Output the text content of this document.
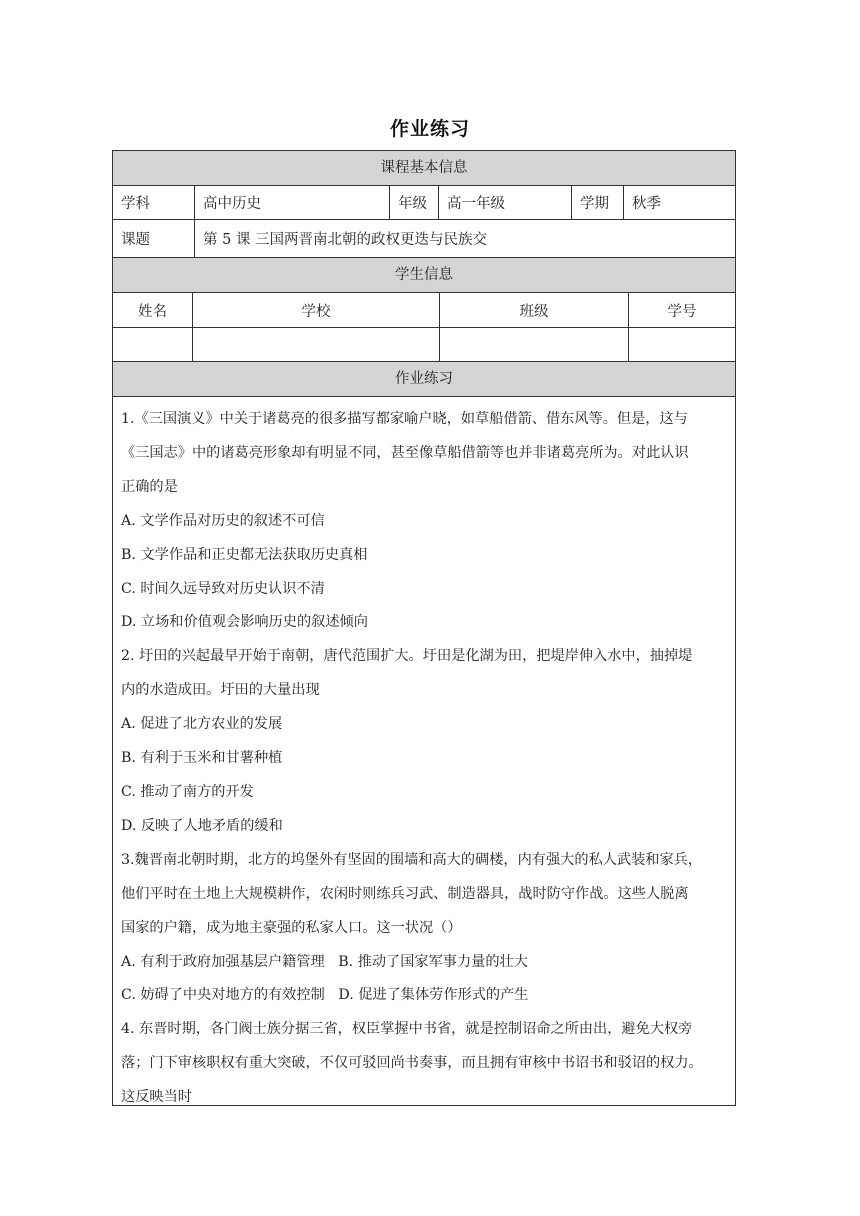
作业练习
课程基本信息
学科	高中历史	年级	高一年级	学期	秋季
课题	第 5 课 三国两晋南北朝的政权更迭与民族交
学生信息
姓名	学校	班级	学号
作业练习

1.《三国演义》中关于诸葛亮的很多描写都家喻户晓，如草船借箭、借东风等。但是，这与

《三国志》中的诸葛亮形象却有明显不同，甚至像草船借箭等也并非诸葛亮所为。对此认识

正确的是

A. 文学作品对历史的叙述不可信

B. 文学作品和正史都无法获取历史真相

C. 时间久远导致对历史认识不清

D. 立场和价值观会影响历史的叙述倾向

2. 圩田的兴起最早开始于南朝，唐代范围扩大。圩田是化湖为田，把堤岸伸入水中，抽掉堤

内的水造成田。圩田的大量出现

A. 促进了北方农业的发展

B. 有利于玉米和甘薯种植

C. 推动了南方的开发

D. 反映了人地矛盾的缓和

3.魏晋南北朝时期，北方的坞堡外有坚固的围墙和高大的碉楼，内有强大的私人武装和家兵，

他们平时在土地上大规模耕作，农闲时则练兵习武、制造器具，战时防守作战。这些人脱离

国家的户籍，成为地主豪强的私家人口。这一状况（）

A. 有利于政府加强基层户籍管理   B. 推动了国家军事力量的壮大

C. 妨碍了中央对地方的有效控制   D. 促进了集体劳作形式的产生

4. 东晋时期，各门阀士族分据三省，权臣掌握中书省，就是控制诏命之所由出，避免大权旁

落；门下审核职权有重大突破，不仅可驳回尚书奏事，而且拥有审核中书诏书和驳诏的权力。

这反映当时
